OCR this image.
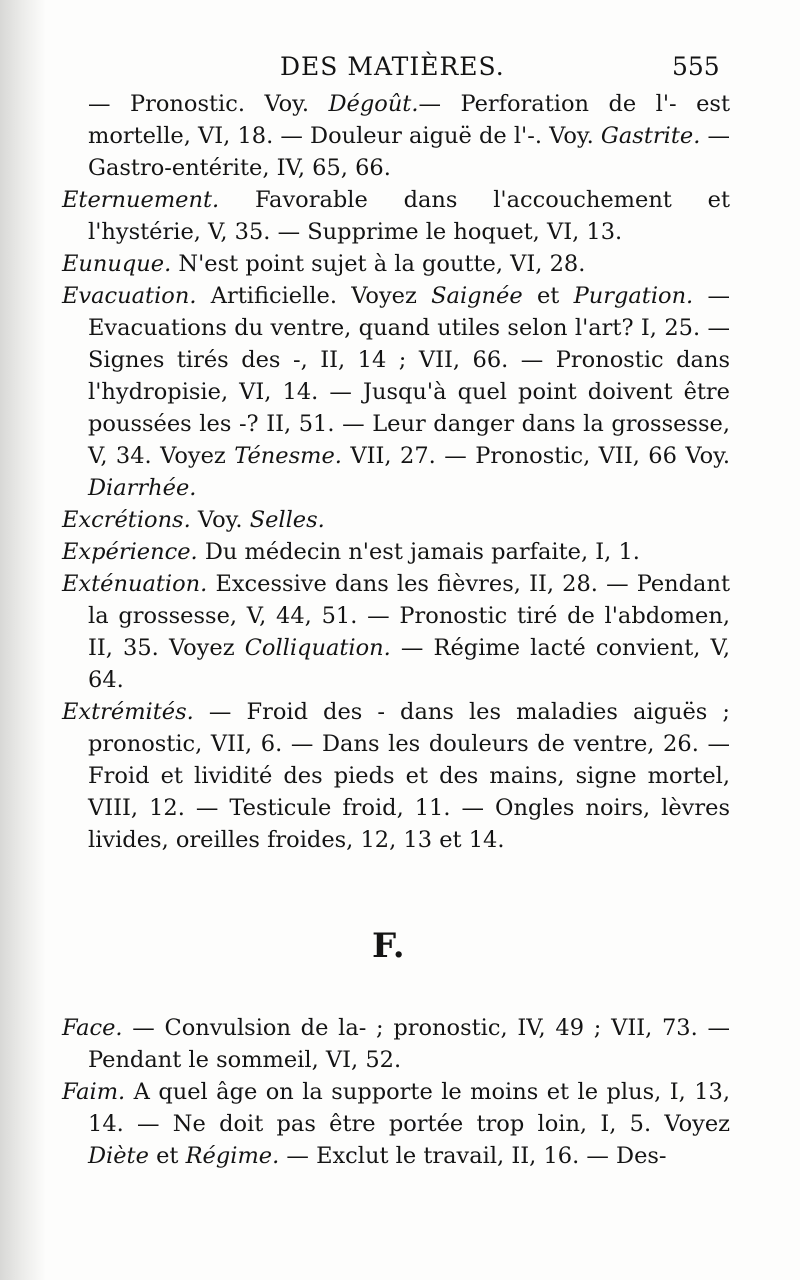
DES MATIÈRES.	555

— Pronostic. Voy. Dégoût.— Perforation de l'- est mortelle, VI, 18. — Douleur aiguë de l'-. Voy. Gastrite. — Gastro-entérite, IV, 65, 66.

Eternuement. Favorable dans l'accouchement et l'hystérie, V, 35. — Supprime le hoquet, VI, 13.

Eunuque. N'est point sujet à la goutte, VI, 28.

Evacuation. Artificielle. Voyez Saignée et Purgation. — Evacuations du ventre, quand utiles selon l'art? I, 25. — Signes tirés des -, II, 14 ; VII, 66. — Pronostic dans l'hydropisie, VI, 14. — Jusqu'à quel point doivent être poussées les -? II, 51. — Leur danger dans la grossesse, V, 34. Voyez Ténesme. VII, 27. — Pronostic, VII, 66 Voy. Diarrhée.

Excrétions. Voy. Selles.

Expérience. Du médecin n'est jamais parfaite, I, 1.

Exténuation. Excessive dans les fièvres, II, 28. — Pendant la grossesse, V, 44, 51. — Pronostic tiré de l'abdomen, II, 35. Voyez Colliquation. — Régime lacté convient, V, 64.

Extrémités. — Froid des - dans les maladies aiguës ; pronostic, VII, 6. — Dans les douleurs de ventre, 26. — Froid et lividité des pieds et des mains, signe mortel, VIII, 12. — Testicule froid, 11. — Ongles noirs, lèvres livides, oreilles froides, 12, 13 et 14.

F.

Face. — Convulsion de la- ; pronostic, IV, 49 ; VII, 73. — Pendant le sommeil, VI, 52.

Faim. A quel âge on la supporte le moins et le plus, I, 13, 14. — Ne doit pas être portée trop loin, I, 5. Voyez Diète et Régime. — Exclut le travail, II, 16. — Des-
